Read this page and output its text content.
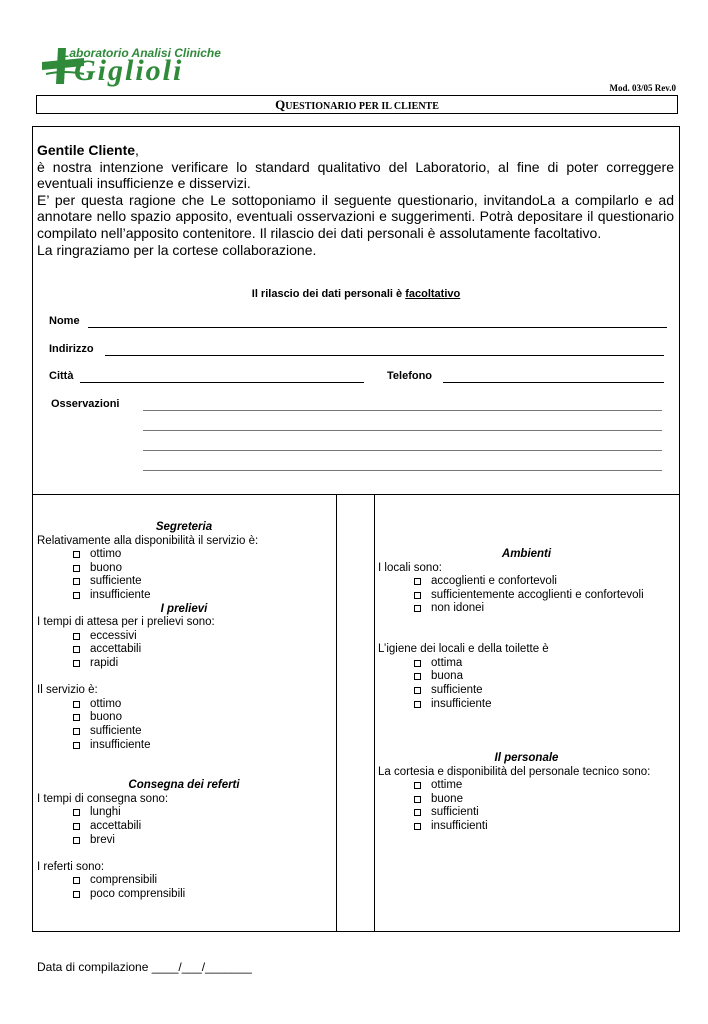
Laboratorio Analisi Cliniche
Giglioli
Mod. 03/05 Rev.0
QUESTIONARIO PER IL CLIENTE

Gentile Cliente,

è nostra intenzione verificare lo standard qualitativo del Laboratorio, al fine di poter correggere eventuali insufficienze e disservizi.

E’ per questa ragione che Le sottoponiamo il seguente questionario, invitandoLa a compilarlo e ad annotare nello spazio apposito, eventuali osservazioni e suggerimenti. Potrà depositare il questionario compilato nell’apposito contenitore. Il rilascio dei dati personali è assolutamente facoltativo.

La ringraziamo per la cortese collaborazione.

Il rilascio dei dati personali è facoltativo
Nome
Indirizzo
Città	Telefono
Osservazioni
Segreteria
Relativamente alla disponibilità il servizio è:
ottimo
buono
sufficiente
insufficiente
I prelievi
I tempi di attesa per i prelievi sono:
eccessivi
accettabili
rapidi
Il servizio è:
ottimo
buono
sufficiente
insufficiente
Consegna dei referti
I tempi di consegna sono:
lunghi
accettabili
brevi
I referti sono:
comprensibili
poco comprensibili
Ambienti
I locali sono:
accoglienti e confortevoli
sufficientemente accoglienti e confortevoli
non idonei
L’igiene dei locali e della toilette è
ottima
buona
sufficiente
insufficiente
Il personale
La cortesia e disponibilità del personale tecnico sono:
ottime
buone
sufficienti
insufficienti
Data di compilazione ____/___/_______
